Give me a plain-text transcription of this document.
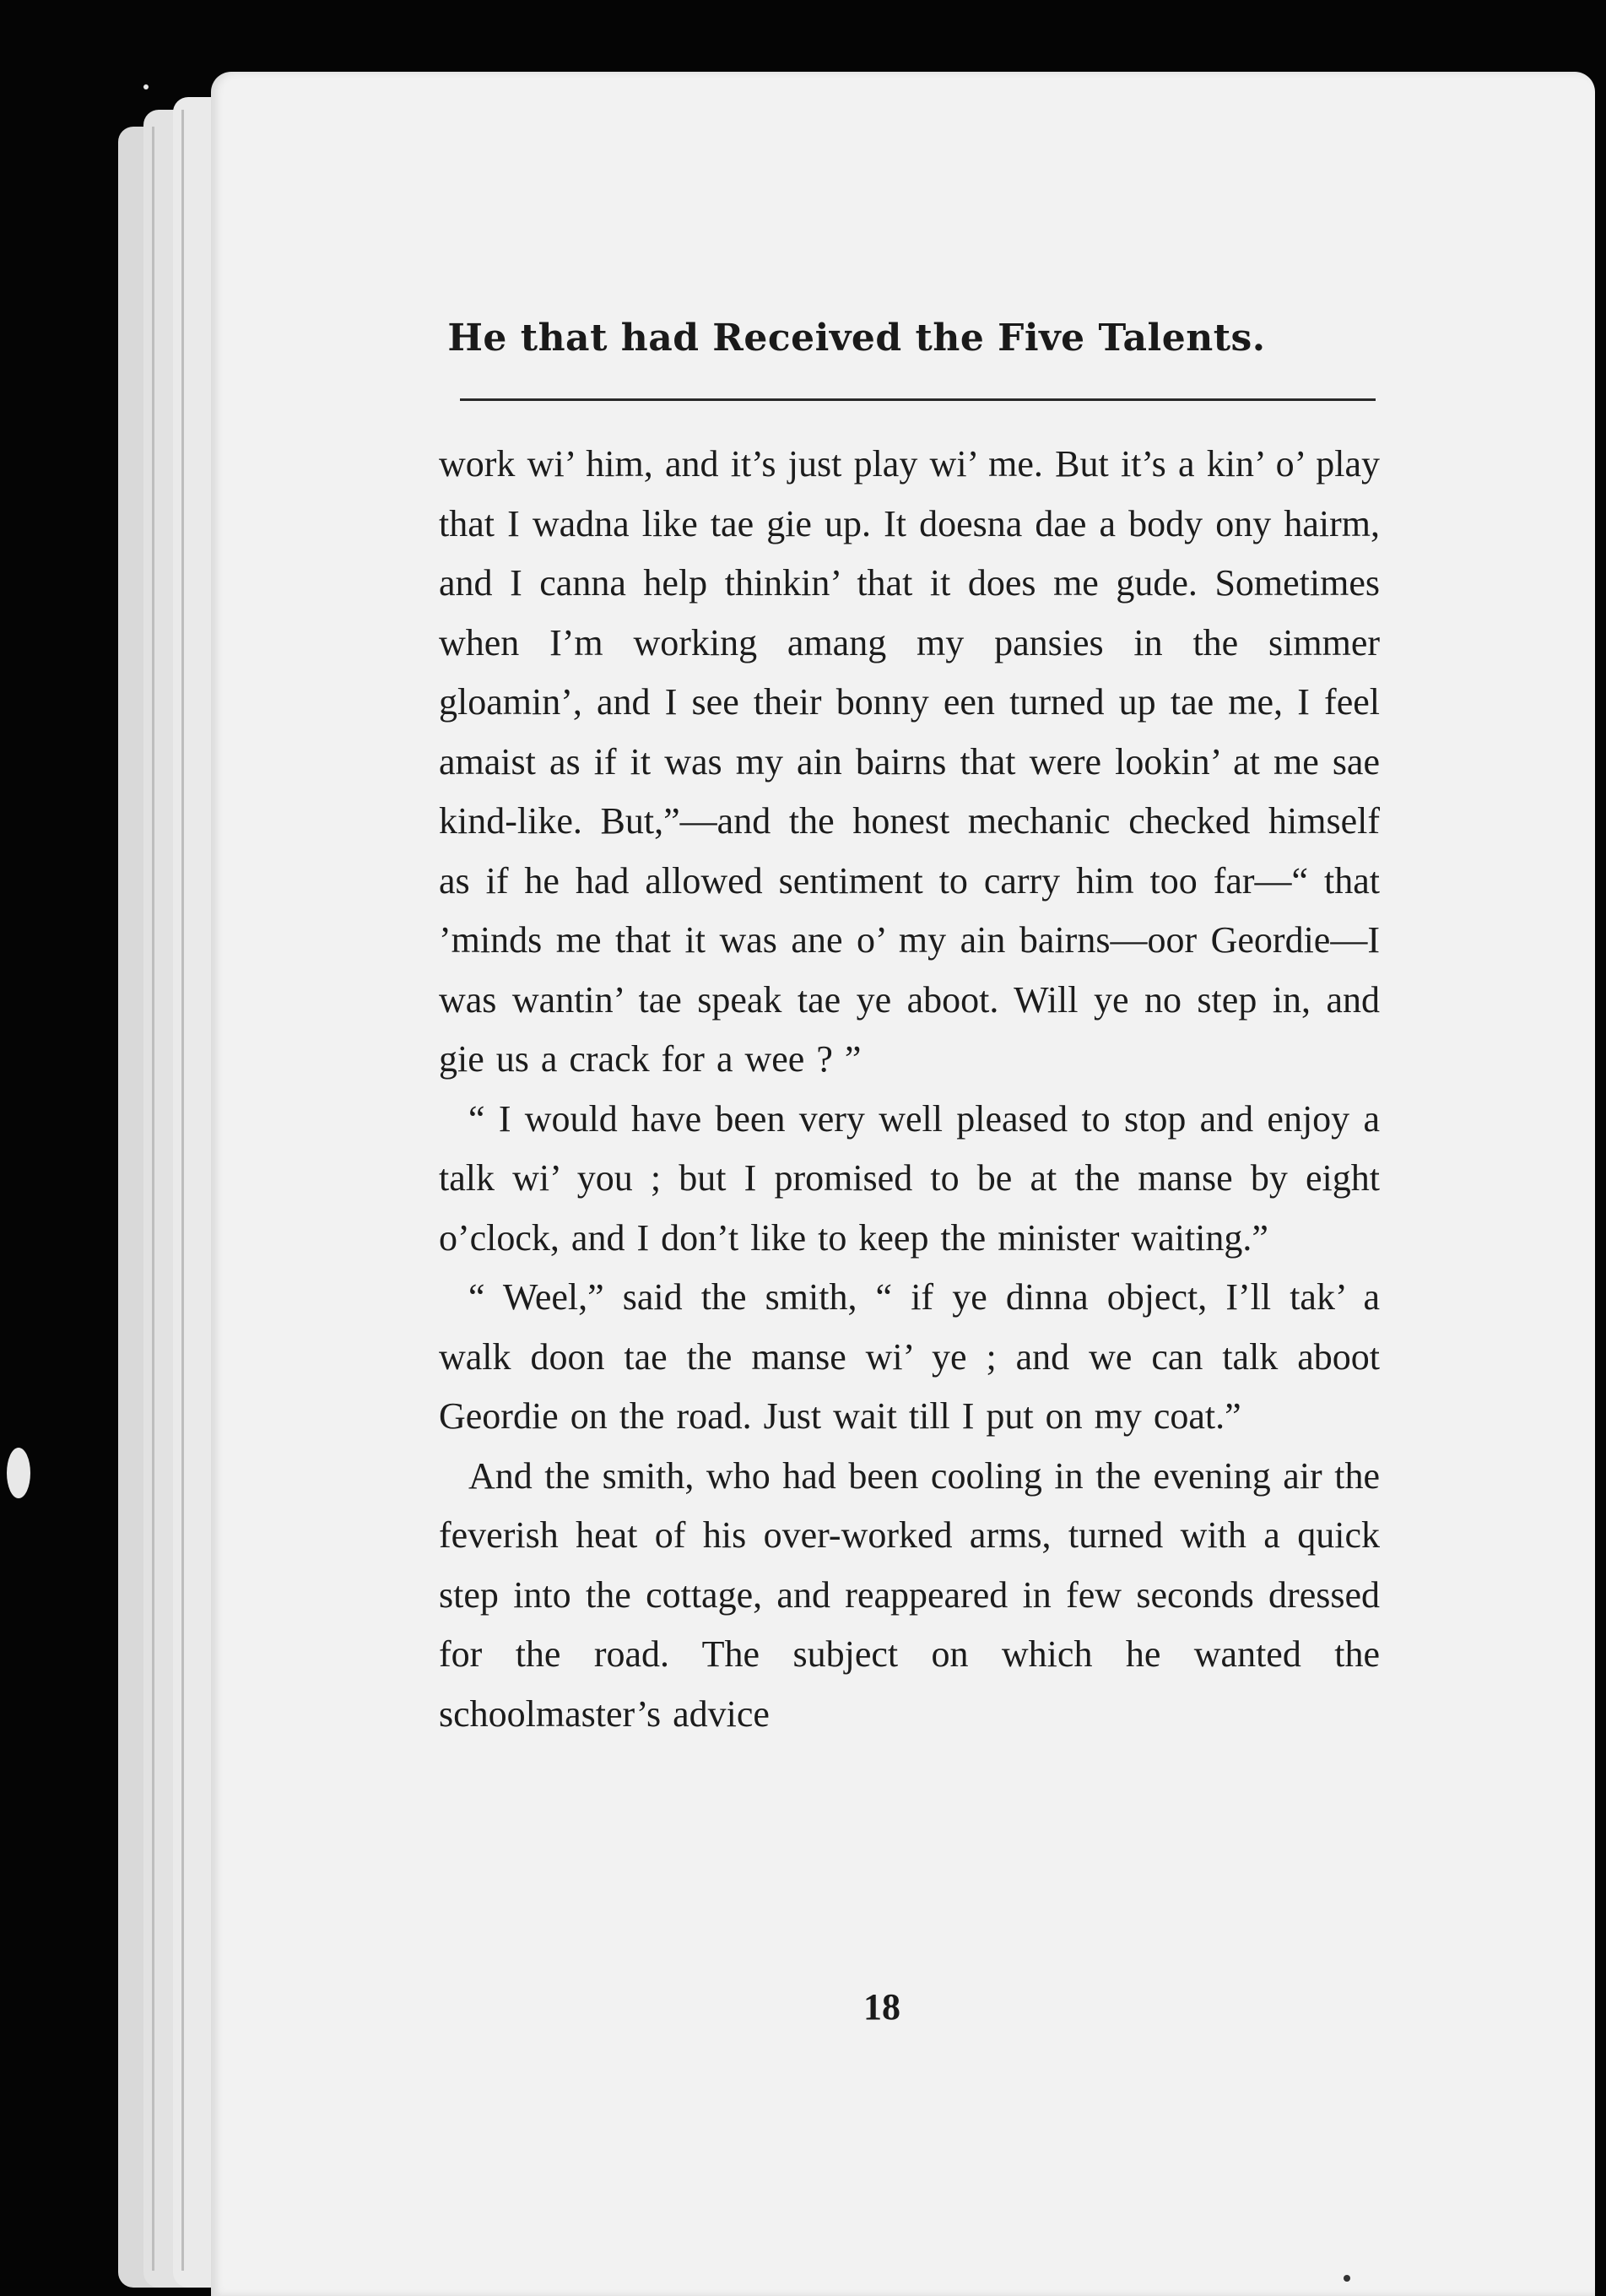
He that had Received the Five Talents.

work wi’ him, and it’s just play wi’ me. But it’s a kin’ o’ play that I wadna like tae gie up. It doesna dae a body ony hairm, and I canna help thinkin’ that it does me gude. Sometimes when I’m working amang my pansies in the simmer gloamin’, and I see their bonny een turned up tae me, I feel amaist as if it was my ain bairns that were lookin’ at me sae kind-like. But,”—and the honest mechanic checked himself as if he had allowed sentiment to carry him too far—“ that ’minds me that it was ane o’ my ain bairns—oor Geordie—I was wantin’ tae speak tae ye aboot. Will ye no step in, and gie us a crack for a wee ? ”

“ I would have been very well pleased to stop and enjoy a talk wi’ you ; but I promised to be at the manse by eight o’clock, and I don’t like to keep the minister waiting.”

“ Weel,” said the smith, “ if ye dinna object, I’ll tak’ a walk doon tae the manse wi’ ye ; and we can talk aboot Geordie on the road. Just wait till I put on my coat.”

And the smith, who had been cooling in the evening air the feverish heat of his over-worked arms, turned with a quick step into the cottage, and reappeared in few seconds dressed for the road. The subject on which he wanted the schoolmaster’s advice

18
